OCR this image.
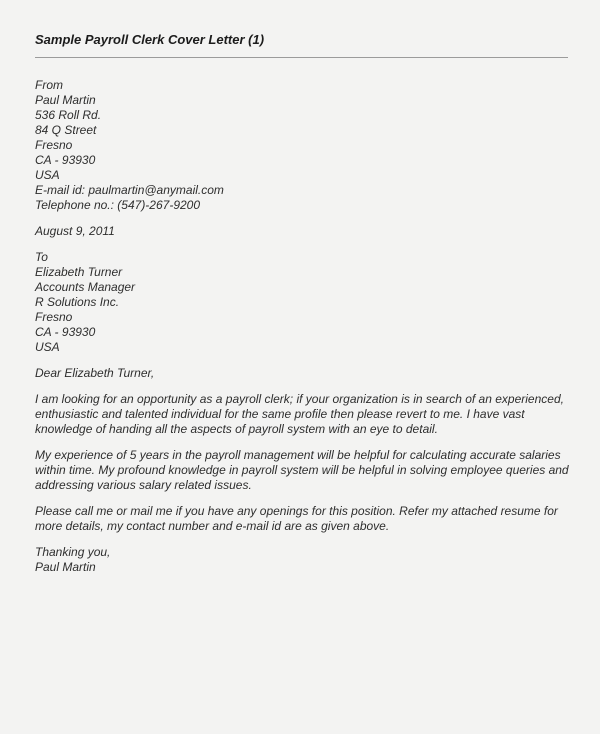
Sample Payroll Clerk Cover Letter (1)
From
Paul Martin
536 Roll Rd.
84 Q Street
Fresno
CA - 93930
USA
E-mail id: paulmartin@anymail.com
Telephone no.: (547)-267-9200
August 9, 2011
To
Elizabeth Turner
Accounts Manager
R Solutions Inc.
Fresno
CA - 93930
USA
Dear Elizabeth Turner,

I am looking for an opportunity as a payroll clerk; if your organization is in search of an experienced, enthusiastic and talented individual for the same profile then please revert to me. I have vast knowledge of handing all the aspects of payroll system with an eye to detail.

My experience of 5 years in the payroll management will be helpful for calculating accurate salaries within time. My profound knowledge in payroll system will be helpful in solving employee queries and addressing various salary related issues.

Please call me or mail me if you have any openings for this position. Refer my attached resume for more details, my contact number and e-mail id are as given above.

Thanking you,
Paul Martin
